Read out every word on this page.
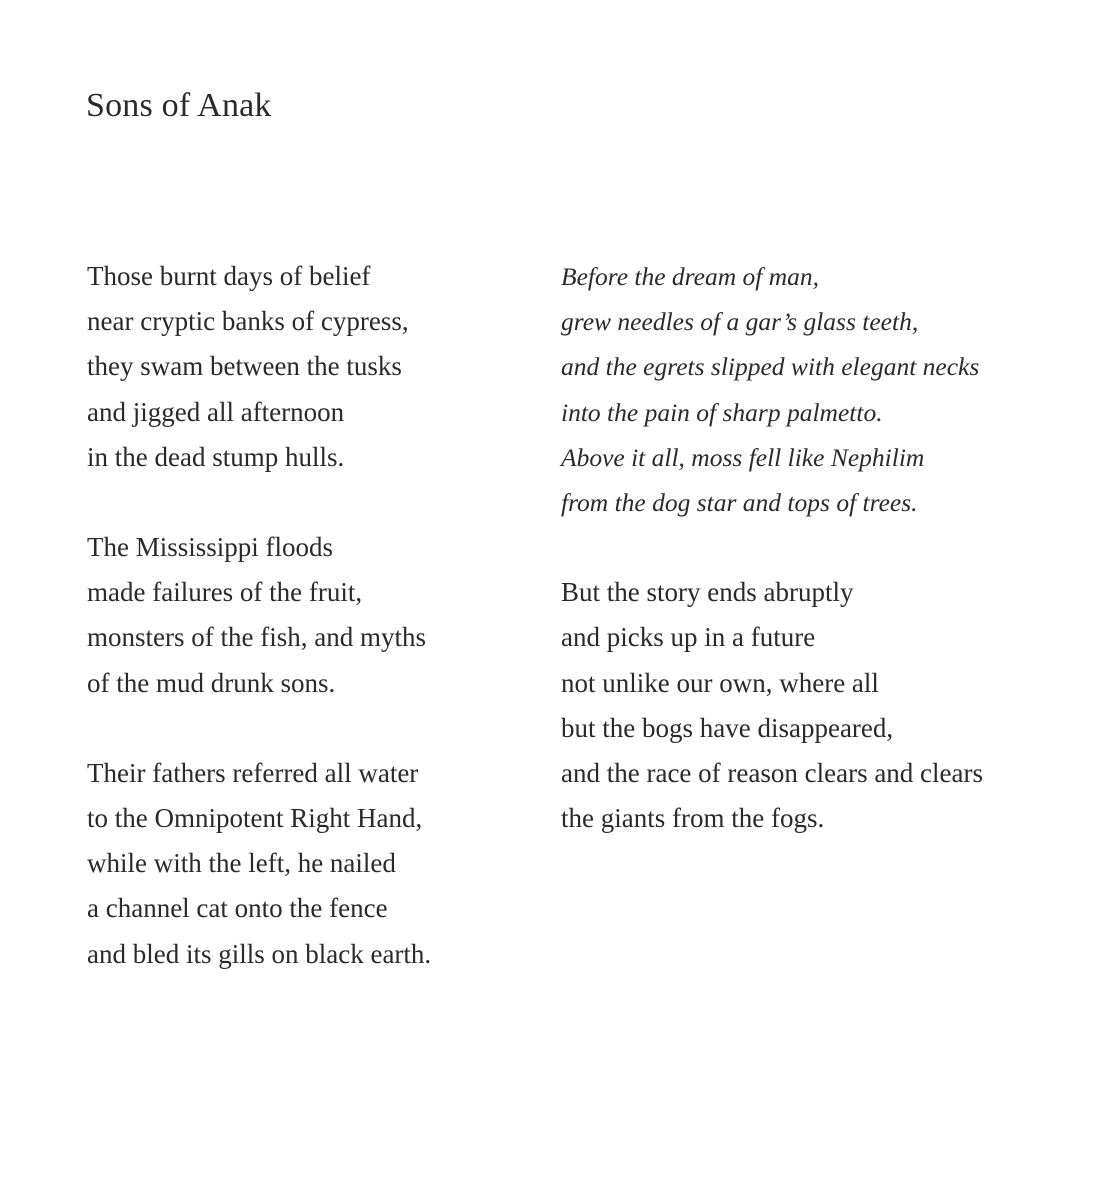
Sons of Anak

Those burnt days of belief
near cryptic banks of cypress,
they swam between the tusks
and jigged all afternoon
in the dead stump hulls.

The Mississippi floods
made failures of the fruit,
monsters of the fish, and myths
of the mud drunk sons.

Their fathers referred all water
to the Omnipotent Right Hand,
while with the left, he nailed
a channel cat onto the fence
and bled its gills on black earth.

Before the dream of man,
grew needles of a gar’s glass teeth,
and the egrets slipped with elegant necks
into the pain of sharp palmetto.
Above it all, moss fell like Nephilim
from the dog star and tops of trees.

But the story ends abruptly
and picks up in a future
not unlike our own, where all
but the bogs have disappeared,
and the race of reason clears and clears
the giants from the fogs.
